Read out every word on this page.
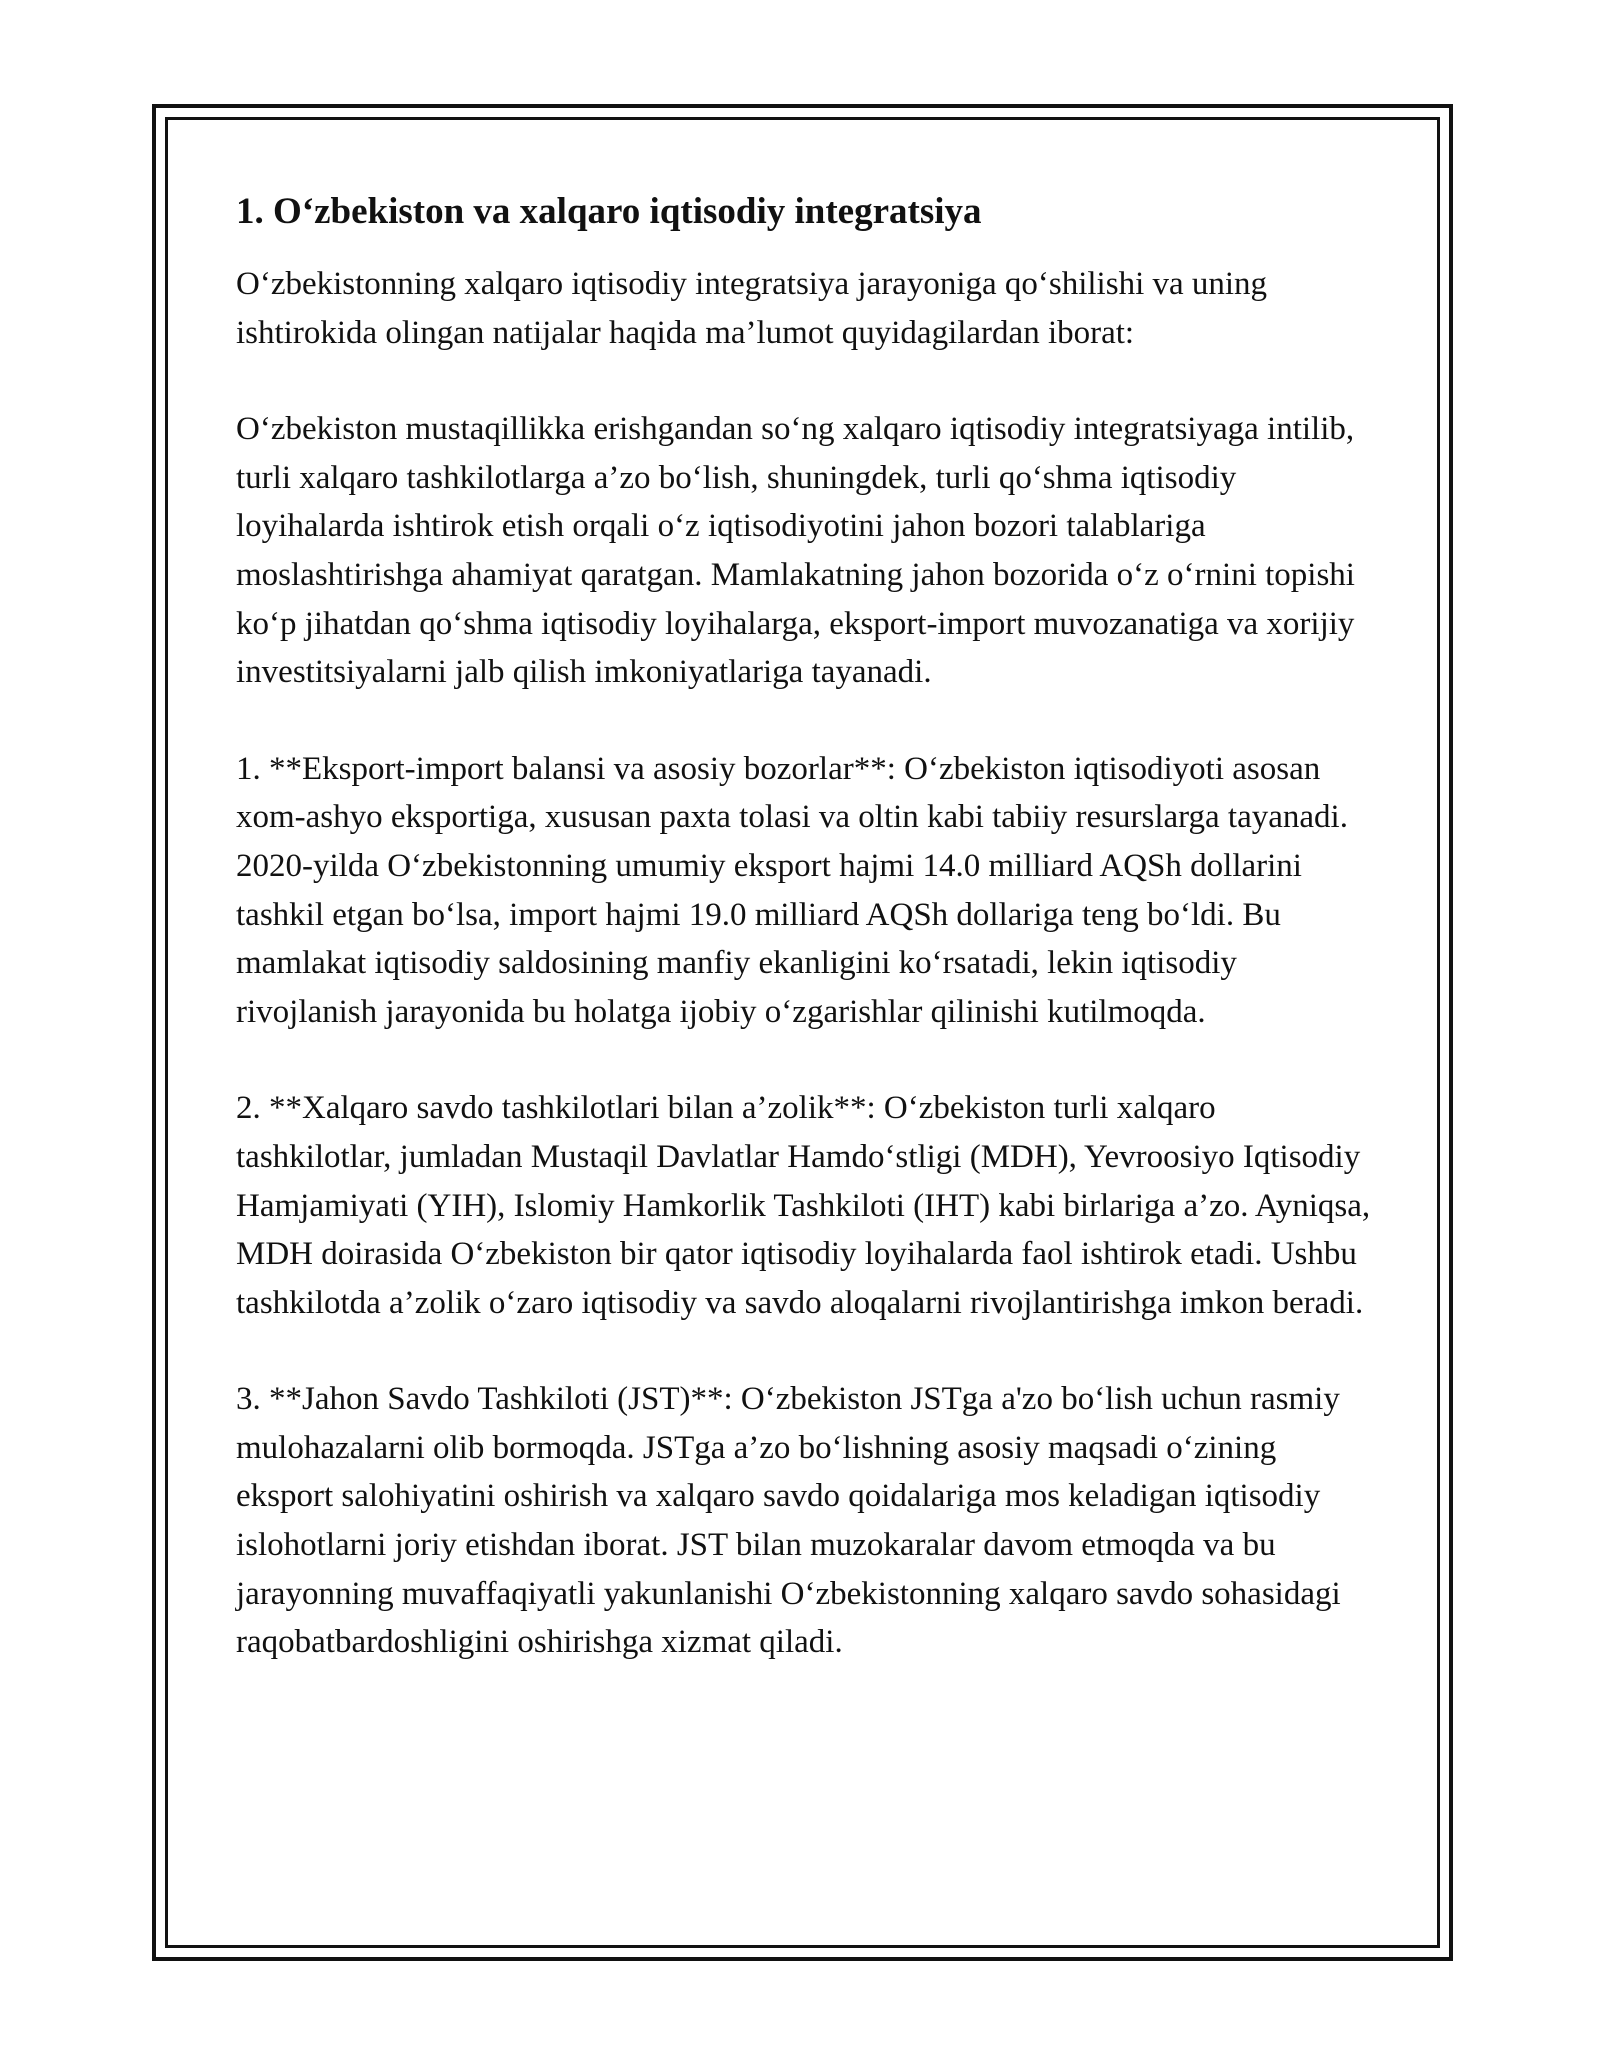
1. O‘zbekiston va xalqaro iqtisodiy integratsiya

O‘zbekistonning xalqaro iqtisodiy integratsiya jarayoniga qo‘shilishi va uning ishtirokida olingan natijalar haqida ma’lumot quyidagilardan iborat:

O‘zbekiston mustaqillikka erishgandan so‘ng xalqaro iqtisodiy integratsiyaga intilib, turli xalqaro tashkilotlarga a’zo bo‘lish, shuningdek, turli qo‘shma iqtisodiy loyihalarda ishtirok etish orqali o‘z iqtisodiyotini jahon bozori talablariga moslashtirishga ahamiyat qaratgan. Mamlakatning jahon bozorida o‘z o‘rnini topishi ko‘p jihatdan qo‘shma iqtisodiy loyihalarga, eksport-import muvozanatiga va xorijiy investitsiyalarni jalb qilish imkoniyatlariga tayanadi.

1. **Eksport-import balansi va asosiy bozorlar**: O‘zbekiston iqtisodiyoti asosan xom-ashyo eksportiga, xususan paxta tolasi va oltin kabi tabiiy resurslarga tayanadi. 2020-yilda O‘zbekistonning umumiy eksport hajmi 14.0 milliard AQSh dollarini tashkil etgan bo‘lsa, import hajmi 19.0 milliard AQSh dollariga teng bo‘ldi. Bu mamlakat iqtisodiy saldosining manfiy ekanligini ko‘rsatadi, lekin iqtisodiy rivojlanish jarayonida bu holatga ijobiy o‘zgarishlar qilinishi kutilmoqda.

2. **Xalqaro savdo tashkilotlari bilan a’zolik**: O‘zbekiston turli xalqaro tashkilotlar, jumladan Mustaqil Davlatlar Hamdo‘stligi (MDH), Yevroosiyo Iqtisodiy Hamjamiyati (YIH), Islomiy Hamkorlik Tashkiloti (IHT) kabi birlariga a’zo. Ayniqsa, MDH doirasida O‘zbekiston bir qator iqtisodiy loyihalarda faol ishtirok etadi. Ushbu tashkilotda a’zolik o‘zaro iqtisodiy va savdo aloqalarni rivojlantirishga imkon beradi.

3. **Jahon Savdo Tashkiloti (JST)**: O‘zbekiston JSTga a'zo bo‘lish uchun rasmiy mulohazalarni olib bormoqda. JSTga a’zo bo‘lishning asosiy maqsadi o‘zining eksport salohiyatini oshirish va xalqaro savdo qoidalariga mos keladigan iqtisodiy islohotlarni joriy etishdan iborat. JST bilan muzokaralar davom etmoqda va bu jarayonning muvaffaqiyatli yakunlanishi O‘zbekistonning xalqaro savdo sohasidagi raqobatbardoshligini oshirishga xizmat qiladi.
